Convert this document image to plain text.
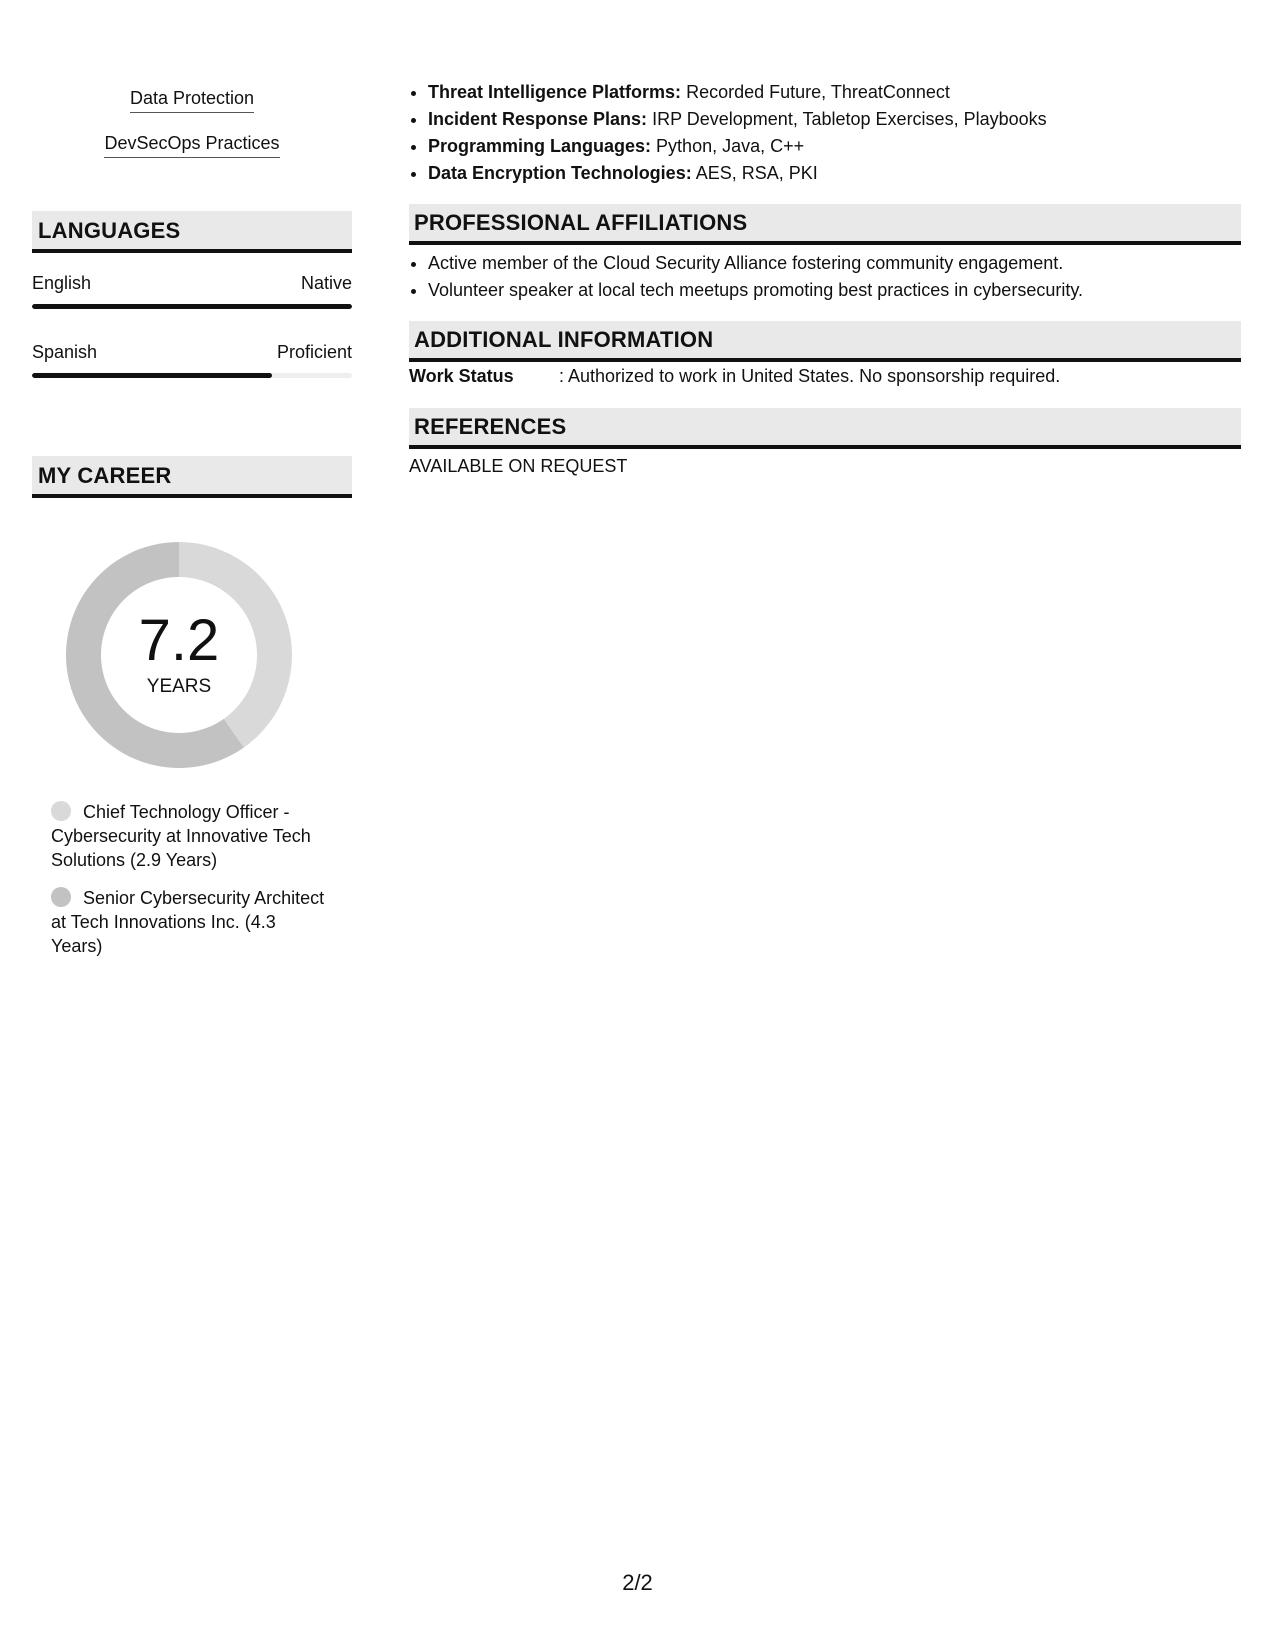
Data Protection
DevSecOps Practices
LANGUAGES
English	Native
Spanish	Proficient
MY CAREER
7.2
YEARS
Chief Technology Officer - Cybersecurity at Innovative Tech Solutions (2.9 Years)
Senior Cybersecurity Architect at Tech Innovations Inc. (4.3 Years)
• Threat Intelligence Platforms: Recorded Future, ThreatConnect
• Incident Response Plans: IRP Development, Tabletop Exercises, Playbooks
• Programming Languages: Python, Java, C++
• Data Encryption Technologies: AES, RSA, PKI
PROFESSIONAL AFFILIATIONS
• Active member of the Cloud Security Alliance fostering community engagement.
• Volunteer speaker at local tech meetups promoting best practices in cybersecurity.
ADDITIONAL INFORMATION
Work Status	: Authorized to work in United States. No sponsorship required.
REFERENCES
AVAILABLE ON REQUEST
2/2
